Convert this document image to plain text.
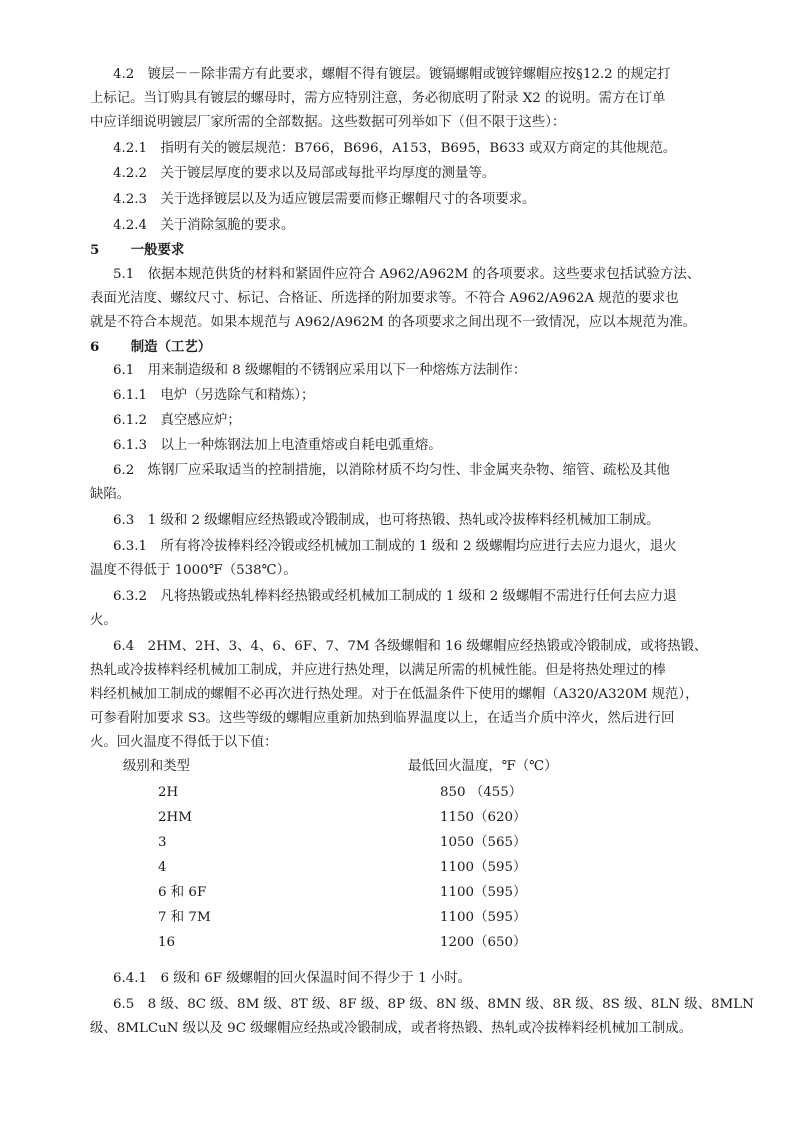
4.2　镀层－－除非需方有此要求，螺帽不得有镀层。镀镉螺帽或镀锌螺帽应按§12.2 的规定打
上标记。当订购具有镀层的螺母时，需方应特别注意，务必彻底明了附录 X2 的说明。需方在订单
中应详细说明镀层厂家所需的全部数据。这些数据可列举如下（但不限于这些）：
4.2.1　指明有关的镀层规范：B766，B696，A153，B695，B633 或双方商定的其他规范。
4.2.2　关于镀层厚度的要求以及局部或每批平均厚度的测量等。
4.2.3　关于选择镀层以及为适应镀层需要而修正螺帽尺寸的各项要求。
4.2.4　关于消除氢脆的要求。
5　　 一般要求
5.1　依据本规范供货的材料和紧固件应符合 A962/A962M 的各项要求。这些要求包括试验方法、
表面光洁度、螺纹尺寸、标记、合格证、所选择的附加要求等。不符合 A962/A962A 规范的要求也
就是不符合本规范。如果本规范与 A962/A962M 的各项要求之间出现不一致情况，应以本规范为准。
6　　 制造（工艺）
6.1　用来制造级和 8 级螺帽的不锈钢应采用以下一种熔炼方法制作：
6.1.1　电炉（另选除气和精炼）；
6.1.2　真空感应炉；
6.1.3　以上一种炼钢法加上电渣重熔或自耗电弧重熔。
6.2　炼钢厂应采取适当的控制措施，以消除材质不均匀性、非金属夹杂物、缩管、疏松及其他
缺陷。
6.3　1 级和 2 级螺帽应经热锻或冷锻制成，也可将热锻、热轧或冷拔棒料经机械加工制成。
6.3.1　所有将冷拔棒料经冷锻或经机械加工制成的 1 级和 2 级螺帽均应进行去应力退火，退火
温度不得低于 1000℉（538℃）。
6.3.2　凡将热锻或热轧棒料经热锻或经机械加工制成的 1 级和 2 级螺帽不需进行任何去应力退
火。
6.4　2HM、2H、3、4、6、6F、7、7M 各级螺帽和 16 级螺帽应经热锻或冷锻制成，或将热锻、
热轧或冷拔棒料经机械加工制成，并应进行热处理，以满足所需的机械性能。但是将热处理过的棒
料经机械加工制成的螺帽不必再次进行热处理。对于在低温条件下使用的螺帽（A320/A320M 规范），
可参看附加要求 S3。这些等级的螺帽应重新加热到临界温度以上，在适当介质中淬火，然后进行回
火。回火温度不得低于以下值：
级别和类型	最低回火温度，℉（℃）
2H	850 （455）
2HM	1150（620）
3	1050（565）
4	1100（595）
6 和 6F	1100（595）
7 和 7M	1100（595）
16	1200（650）
6.4.1　6 级和 6F 级螺帽的回火保温时间不得少于 1 小时。
6.5　8 级、8C 级、8M 级、8T 级、8F 级、8P 级、8N 级、8MN 级、8R 级、8S 级、8LN 级、8MLN
级、8MLCuN 级以及 9C 级螺帽应经热或冷锻制成，或者将热锻、热轧或冷拔棒料经机械加工制成。
